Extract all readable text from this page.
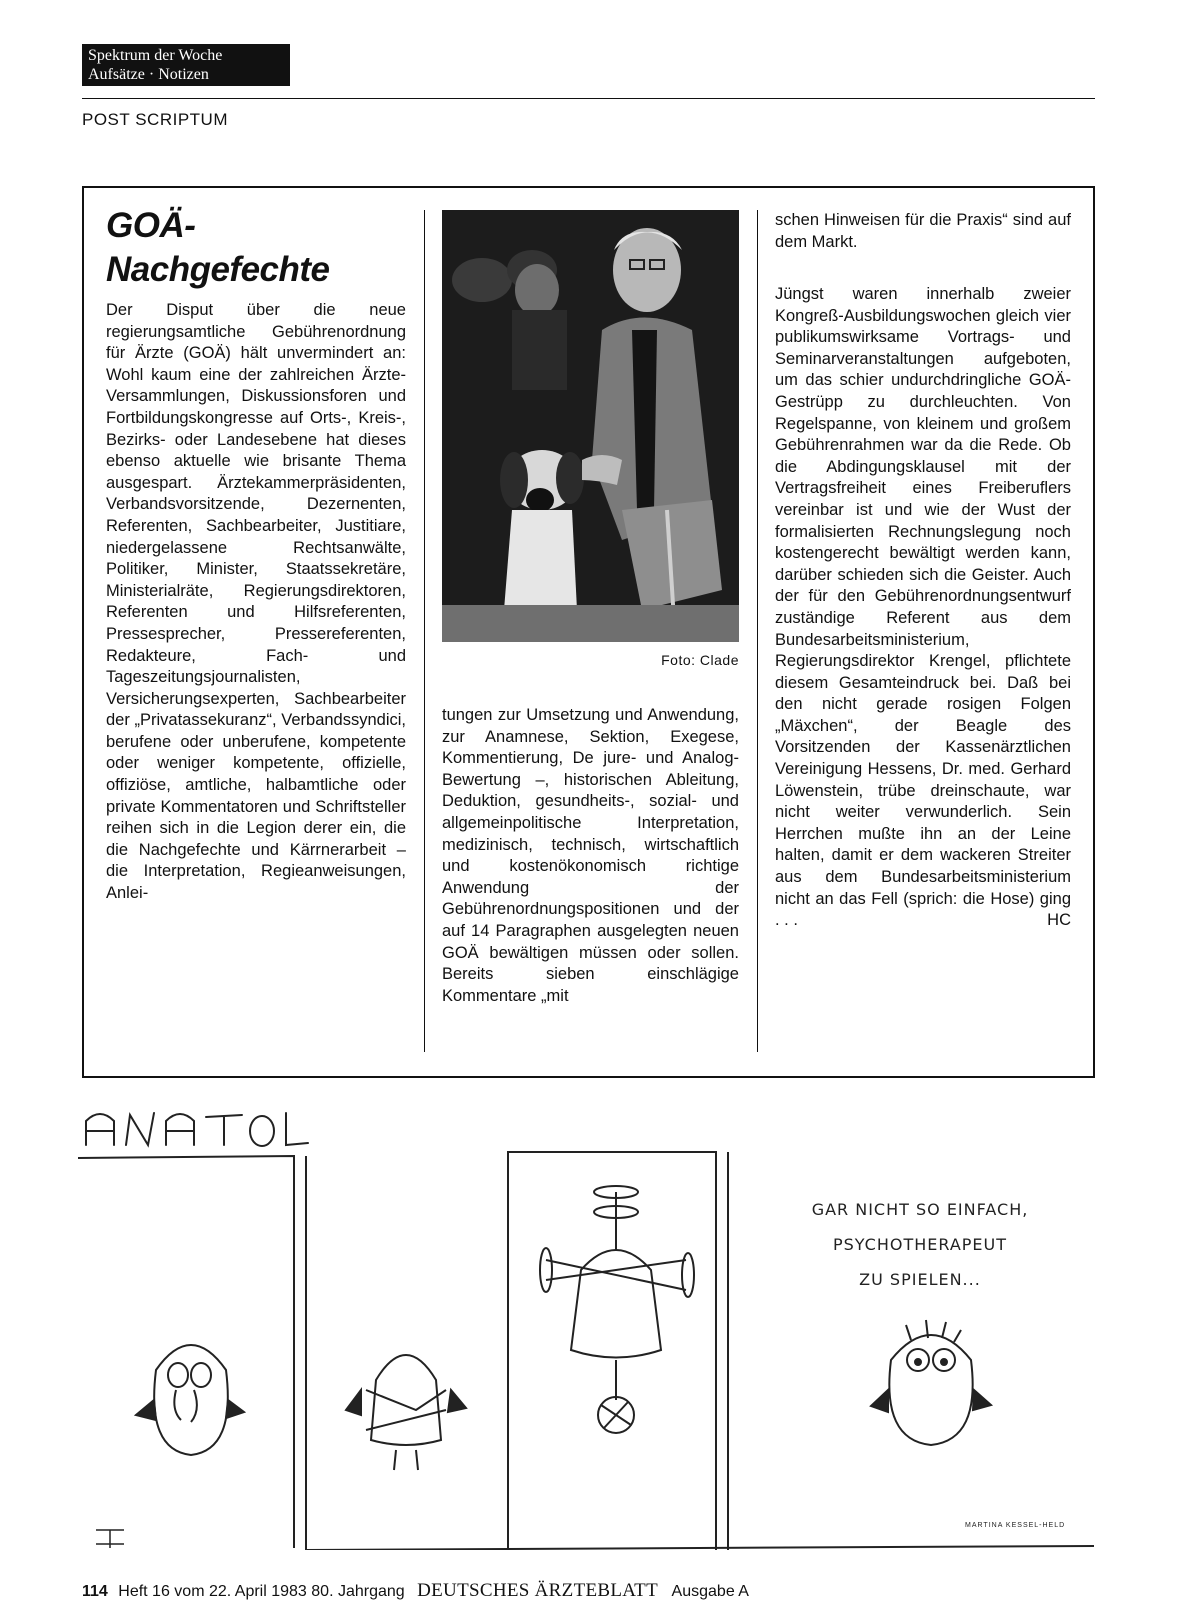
Spektrum der Woche
Aufsätze · Notizen
POST SCRIPTUM
GOÄ-
Nachgefechte

Der Disput über die neue regierungsamtliche Gebührenordnung für Ärzte (GOÄ) hält unvermindert an: Wohl kaum eine der zahlreichen Ärzte-Versammlungen, Diskussionsforen und Fortbildungskongresse auf Orts-, Kreis-, Bezirks- oder Landesebene hat dieses ebenso aktuelle wie brisante Thema ausgespart. Ärztekammerpräsidenten, Verbandsvorsitzende, Dezernenten, Referenten, Sachbearbeiter, Justitiare, niedergelassene Rechtsanwälte, Politiker, Minister, Staatssekretäre, Ministerialräte, Regierungsdirektoren, Referenten und Hilfsreferenten, Pressesprecher, Pressereferenten, Redakteure, Fach- und Tageszeitungsjournalisten, Versicherungsexperten, Sachbearbeiter der „Privatassekuranz“, Verbandssyndici, berufene oder unberufene, kompetente oder weniger kompetente, offizielle, offiziöse, amtliche, halbamtliche oder private Kommentatoren und Schriftsteller reihen sich in die Legion derer ein, die die Nachgefechte und Kärrnerarbeit – die Interpretation, Regieanweisungen, Anlei-

Foto: Clade

tungen zur Umsetzung und Anwendung, zur Anamnese, Sektion, Exegese, Kommentierung, De jure- und Analog-Bewertung –, historischen Ableitung, Deduktion, gesundheits-, sozial- und allgemeinpolitische Interpretation, medizinisch, technisch, wirtschaftlich und kostenökonomisch richtige Anwendung der Gebührenordnungspositionen und der auf 14 Paragraphen ausgelegten neuen GOÄ bewältigen müssen oder sollen. Bereits sieben einschlägige Kommentare „mit

schen Hinweisen für die Praxis“ sind auf dem Markt.

Jüngst waren innerhalb zweier Kongreß-Ausbildungswochen gleich vier publikumswirksame Vortrags- und Seminarveranstaltungen aufgeboten, um das schier undurchdringliche GOÄ-Gestrüpp zu durchleuchten. Von Regelspanne, von kleinem und großem Gebührenrahmen war da die Rede. Ob die Abdingungsklausel mit der Vertragsfreiheit eines Freiberuflers vereinbar ist und wie der Wust der formalisierten Rechnungslegung noch kostengerecht bewältigt werden kann, darüber schieden sich die Geister. Auch der für den Gebührenordnungsentwurf zuständige Referent aus dem Bundesarbeitsministerium, Regierungsdirektor Krengel, pflichtete diesem Gesamteindruck bei. Daß bei den nicht gerade rosigen Folgen „Mäxchen“, der Beagle des Vorsitzenden der Kassenärztlichen Vereinigung Hessens, Dr. med. Gerhard Löwenstein, trübe dreinschaute, war nicht weiter verwunderlich. Sein Herrchen mußte ihn an der Leine halten, damit er dem wackeren Streiter aus dem Bundesarbeitsministerium nicht an das Fell (sprich: die Hose) ging . . .	HC

GAR NICHT SO EINFACH,
PSYCHOTHERAPEUT
ZU SPIELEN...
MARTINA KESSEL-HELD
114 Heft 16 vom 22. April 1983 80. Jahrgang DEUTSCHES ÄRZTEBLATT Ausgabe A
